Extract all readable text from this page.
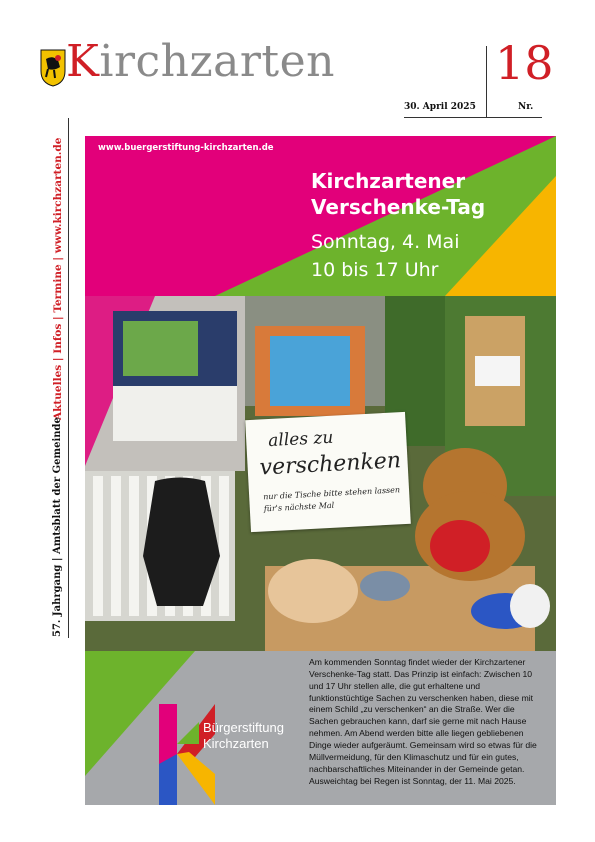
Kirchzarten	18
Nr.
30. April 2025
Aktuelles | Infos | Termine | www.kirchzarten.de
57. Jahrgang | Amtsblatt der Gemeinde
www.buergerstiftung-kirchzarten.de
Kirchzartener
Verschenke-Tag
Sonntag, 4. Mai
10 bis 17 Uhr
alles zu
verschenken
nur die Tische bitte stehen lassen für's nächste Mal
Am kommenden Sonntag findet wieder der Kirchzartener Verschenke-Tag statt. Das Prinzip ist einfach: Zwischen 10 und 17 Uhr stellen alle, die gut erhaltene und funktionstüchtige Sachen zu verschenken haben, diese mit einem Schild „zu verschenken“ an die Straße. Wer die Sachen gebrauchen kann, darf sie gerne mit nach Hause nehmen. Am Abend werden bitte alle liegen gebliebenen Dinge wieder aufgeräumt. Gemeinsam wird so etwas für die Müllvermeidung, für den Klimaschutz und für ein gutes, nachbarschaftliches Miteinander in der Gemeinde getan. Ausweichtag bei Regen ist Sonntag, der 11. Mai 2025.
Bürgerstiftung
Kirchzarten
